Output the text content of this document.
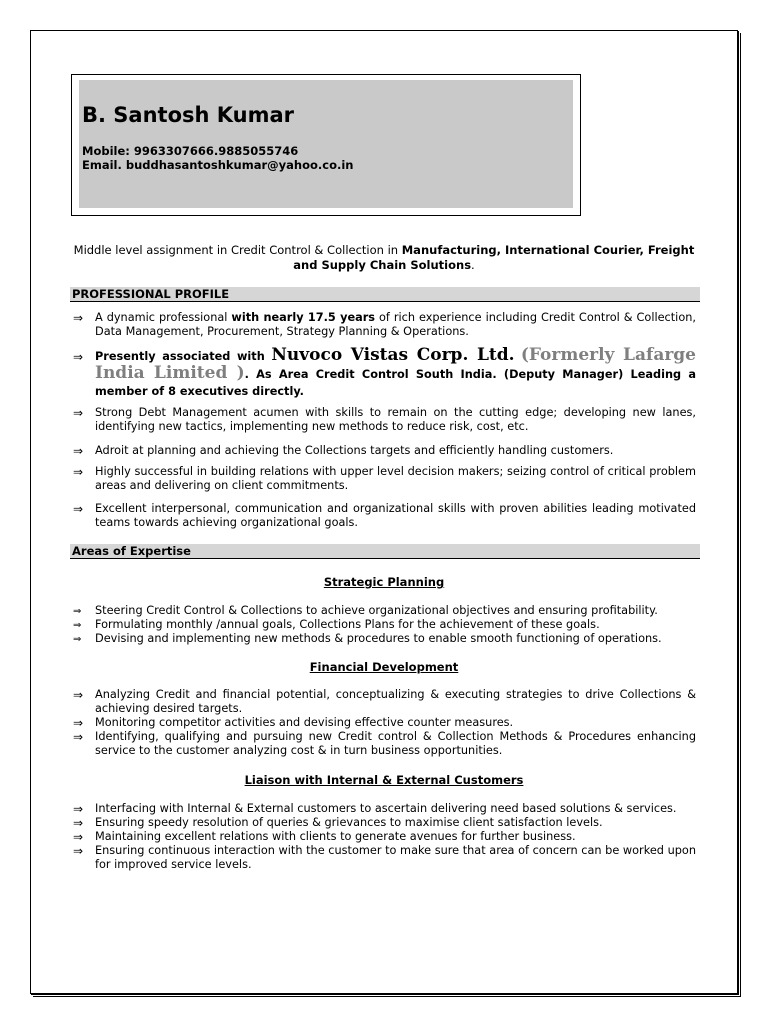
B. Santosh Kumar
Mobile: 9963307666.9885055746
Email. buddhasantoshkumar@yahoo.co.in
Middle level assignment in Credit Control & Collection in Manufacturing, International Courier, Freight and Supply Chain Solutions.
PROFESSIONAL PROFILE
⇒ A dynamic professional with nearly 17.5 years of rich experience including Credit Control & Collection, Data Management, Procurement, Strategy Planning & Operations.
⇒ Presently associated with Nuvoco Vistas Corp. Ltd. (Formerly Lafarge India Limited ). As Area Credit Control South India. (Deputy Manager) Leading a member of 8 executives directly.
⇒ Strong Debt Management acumen with skills to remain on the cutting edge; developing new lanes, identifying new tactics, implementing new methods to reduce risk, cost, etc.
⇒ Adroit at planning and achieving the Collections targets and efficiently handling customers.
⇒ Highly successful in building relations with upper level decision makers; seizing control of critical problem areas and delivering on client commitments.
⇒ Excellent interpersonal, communication and organizational skills with proven abilities leading motivated teams towards achieving organizational goals.
Areas of Expertise
Strategic Planning
⇒ Steering Credit Control & Collections to achieve organizational objectives and ensuring profitability.
⇒ Formulating monthly /annual goals, Collections Plans for the achievement of these goals.
⇒ Devising and implementing new methods & procedures to enable smooth functioning of operations.
Financial Development
⇒ Analyzing Credit and financial potential, conceptualizing & executing strategies to drive Collections & achieving desired targets.
⇒ Monitoring competitor activities and devising effective counter measures.
⇒ Identifying, qualifying and pursuing new Credit control & Collection Methods & Procedures enhancing service to the customer analyzing cost & in turn business opportunities.
Liaison with Internal & External Customers
⇒ Interfacing with Internal & External customers to ascertain delivering need based solutions & services.
⇒ Ensuring speedy resolution of queries & grievances to maximise client satisfaction levels.
⇒ Maintaining excellent relations with clients to generate avenues for further business.
⇒ Ensuring continuous interaction with the customer to make sure that area of concern can be worked upon for improved service levels.
